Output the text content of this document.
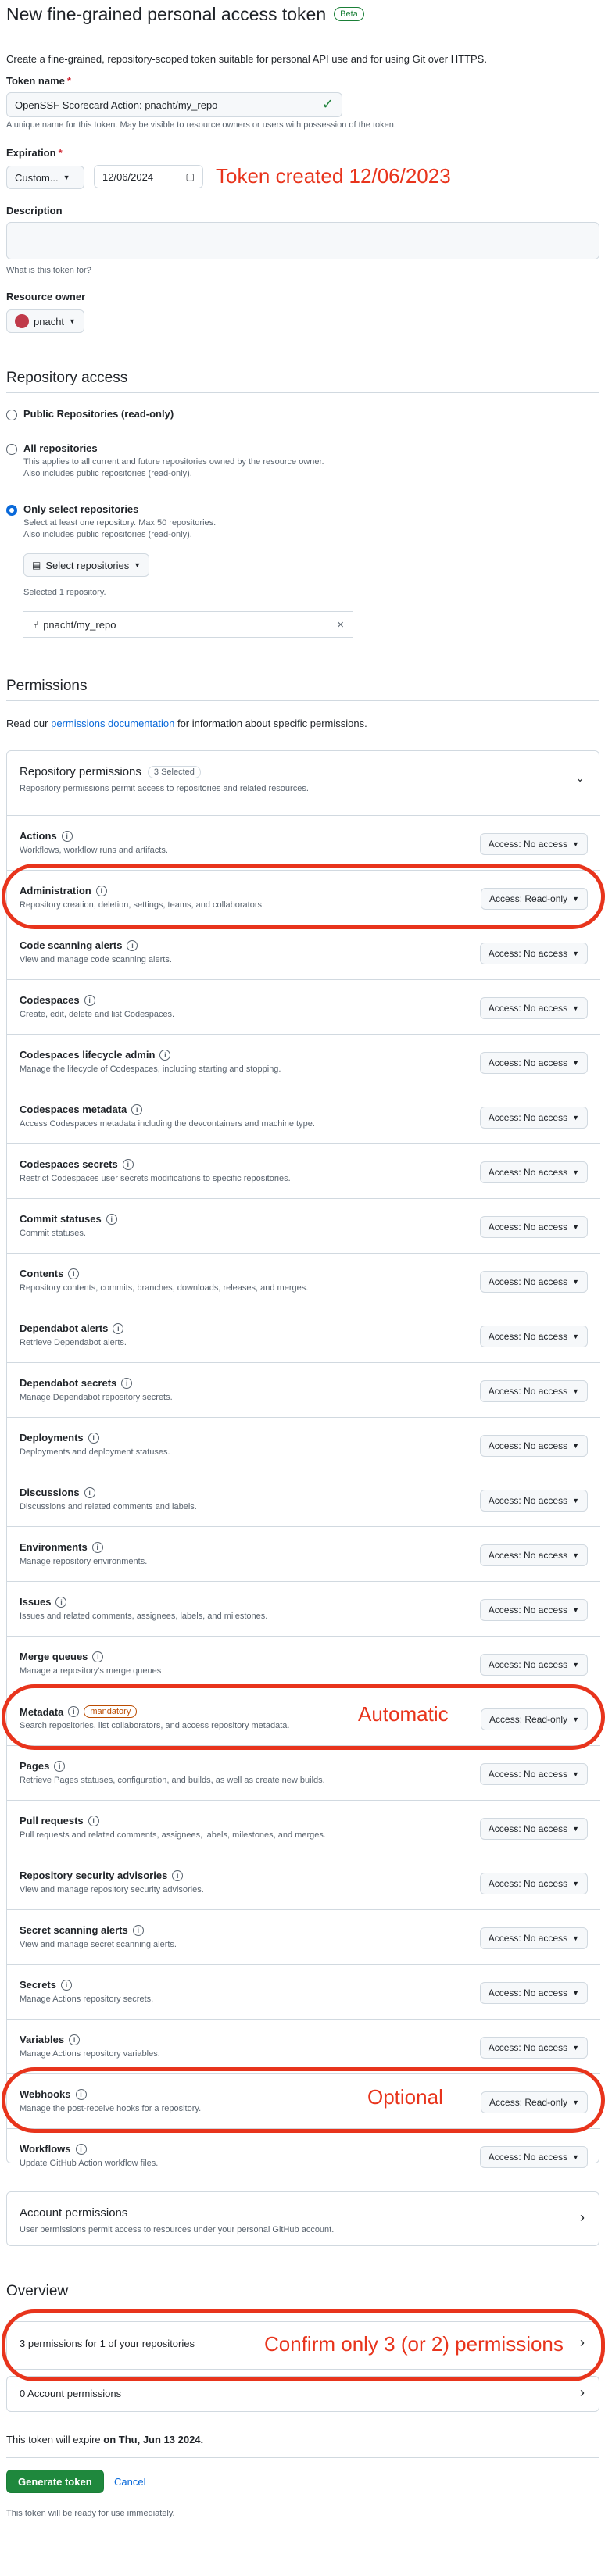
New fine-grained personal access token	Beta
Create a fine-grained, repository-scoped token suitable for personal API use and for using Git over HTTPS.
Token name *
OpenSSF Scorecard Action: pnacht/my_repo	✓
A unique name for this token. May be visible to resource owners or users with possession of the token.
Expiration *
Custom... ▼	12/06/2024	▢ Token created 12/06/2023
Description
What is this token for?
Resource owner
pnacht ▼
Repository access
Public Repositories (read-only)
All repositories
This applies to all current and future repositories owned by the resource owner.
Also includes public repositories (read-only).
Only select repositories
Select at least one repository. Max 50 repositories.
Also includes public repositories (read-only).
▤ Select repositories ▼
Selected 1 repository.
⑂ pnacht/my_repo	×
Permissions
Read our permissions documentation for information about specific permissions.
Repository permissions	3 Selected
Repository permissions permit access to repositories and related resources.
⌄
Actions	i
Workflows, workflow runs and artifacts.
Access: No access ▼
Administration	i
Repository creation, deletion, settings, teams, and collaborators.
Access: Read-only ▼
Code scanning alerts	i
View and manage code scanning alerts.
Access: No access ▼
Codespaces	i
Create, edit, delete and list Codespaces.
Access: No access ▼
Codespaces lifecycle admin	i
Manage the lifecycle of Codespaces, including starting and stopping.
Access: No access ▼
Codespaces metadata	i
Access Codespaces metadata including the devcontainers and machine type.
Access: No access ▼
Codespaces secrets	i
Restrict Codespaces user secrets modifications to specific repositories.
Access: No access ▼
Commit statuses	i
Commit statuses.
Access: No access ▼
Contents	i
Repository contents, commits, branches, downloads, releases, and merges.
Access: No access ▼
Dependabot alerts	i
Retrieve Dependabot alerts.
Access: No access ▼
Dependabot secrets	i
Manage Dependabot repository secrets.
Access: No access ▼
Deployments	i
Deployments and deployment statuses.
Access: No access ▼
Discussions	i
Discussions and related comments and labels.
Access: No access ▼
Environments	i
Manage repository environments.
Access: No access ▼
Issues	i
Issues and related comments, assignees, labels, and milestones.
Access: No access ▼
Merge queues	i
Manage a repository's merge queues
Access: No access ▼
Metadata	i	mandatory
Search repositories, list collaborators, and access repository metadata.
Access: Read-only ▼
Pages	i
Retrieve Pages statuses, configuration, and builds, as well as create new builds.
Access: No access ▼
Pull requests	i
Pull requests and related comments, assignees, labels, milestones, and merges.
Access: No access ▼
Repository security advisories	i
View and manage repository security advisories.
Access: No access ▼
Secret scanning alerts	i
View and manage secret scanning alerts.
Access: No access ▼
Secrets	i
Manage Actions repository secrets.
Access: No access ▼
Variables	i
Manage Actions repository variables.
Access: No access ▼
Webhooks	i
Manage the post-receive hooks for a repository.
Access: Read-only ▼
Workflows	i
Update GitHub Action workflow files.
Access: No access ▼
Account permissions
User permissions permit access to resources under your personal GitHub account.
›
Overview
3 permissions for 1 of your repositories	›
0 Account permissions	›
Confirm only 3 (or 2) permissions
This token will expire on Thu, Jun 13 2024.
Generate token	Cancel
This token will be ready for use immediately.
Automatic
Optional
